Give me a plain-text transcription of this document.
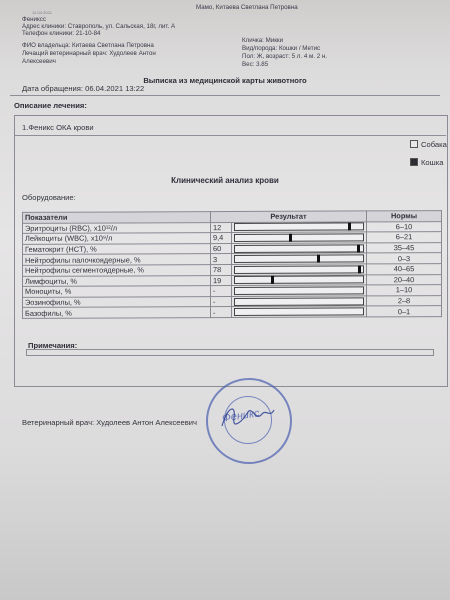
Мамо, Китаева Светлана Петровна
12.04.2021
Фениксс
Адрес клиники: Ставрополь, ул. Сальская, 18г, лит. А
Телефон клиники: 21-10-84
ФИО владельца: Китаева Светлана Петровна
Лечащий ветеринарный врач: Худолеев Антон
Алексеевич
Кличка: Микки
Вид/порода: Кошки / Метис
Пол: Ж, возраст: 5 л. 4 м. 2 н.
Вес: 3.85
Выписка из медицинской карты животного
Дата обращения: 06.04.2021 13:22
Описание лечения:
1.Феникс ОКА крови
Собака
Кошка
Клинический анализ крови
Оборудование:
Показатели	Результат		Нормы
Эритроциты (RBC), х10¹²/л	12		6–10
Лейкоциты (WBC), х10⁹/л	9,4		6–21
Гематокрит (HCT), %	60		35–45
Нейтрофилы палочкоядерные, %	3		0–3
Нейтрофилы сегментоядерные, %	78		40–65
Лимфоциты, %	19		20–40
Моноциты, %	-		1–10
Эозинофилы, %	-		2–8
Базофилы, %	-		0–1
Примечания:
Ветеринарный врач: Худолеев Антон Алексеевич Феникс
